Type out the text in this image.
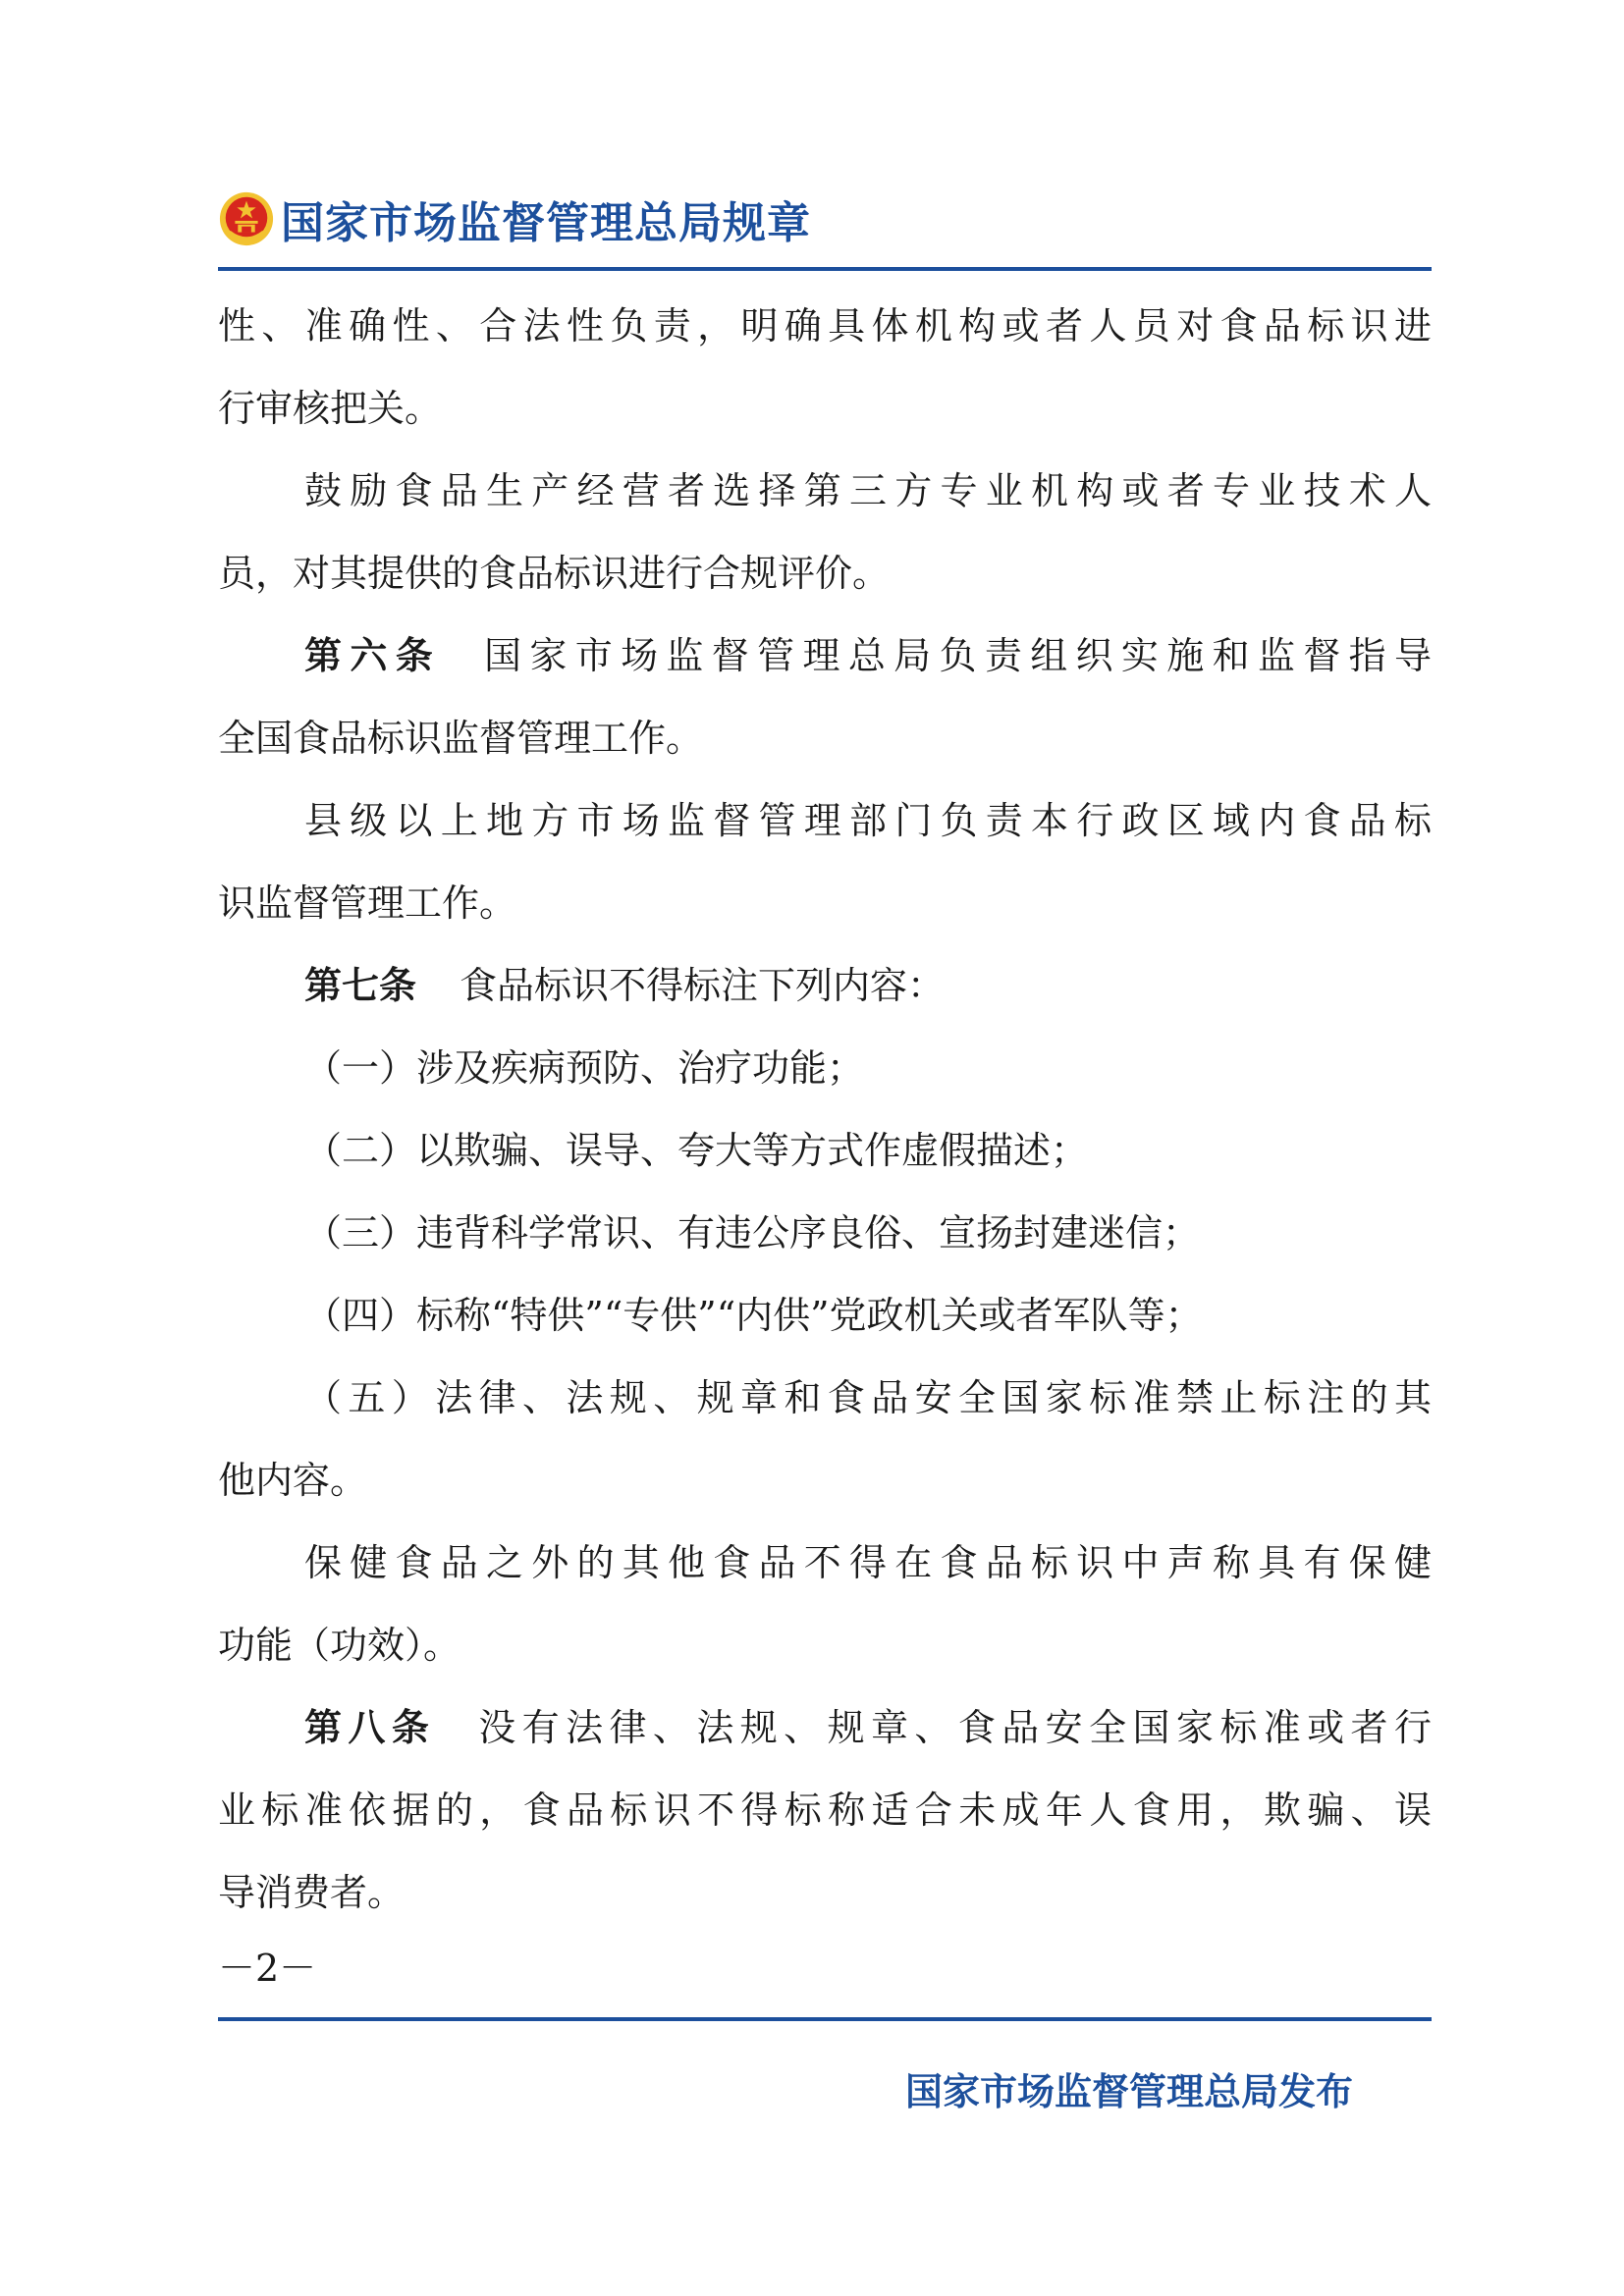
国家市场监督管理总局规章
性、准确性、合法性负责，明确具体机构或者人员对食品标识进
行审核把关。
鼓励食品生产经营者选择第三方专业机构或者专业技术人
员，对其提供的食品标识进行合规评价。
第六条 国家市场监督管理总局负责组织实施和监督指导
全国食品标识监督管理工作。
县级以上地方市场监督管理部门负责本行政区域内食品标
识监督管理工作。
第七条 食品标识不得标注下列内容：
（一）涉及疾病预防、治疗功能；
（二）以欺骗、误导、夸大等方式作虚假描述；
（三）违背科学常识、有违公序良俗、宣扬封建迷信；
（四）标称“特供”“专供”“内供”党政机关或者军队等；
（五）法律、法规、规章和食品安全国家标准禁止标注的其
他内容。
保健食品之外的其他食品不得在食品标识中声称具有保健
功能（功效）。
第八条 没有法律、法规、规章、食品安全国家标准或者行
业标准依据的，食品标识不得标称适合未成年人食用，欺骗、误
导消费者。
－2－
国家市场监督管理总局发布
